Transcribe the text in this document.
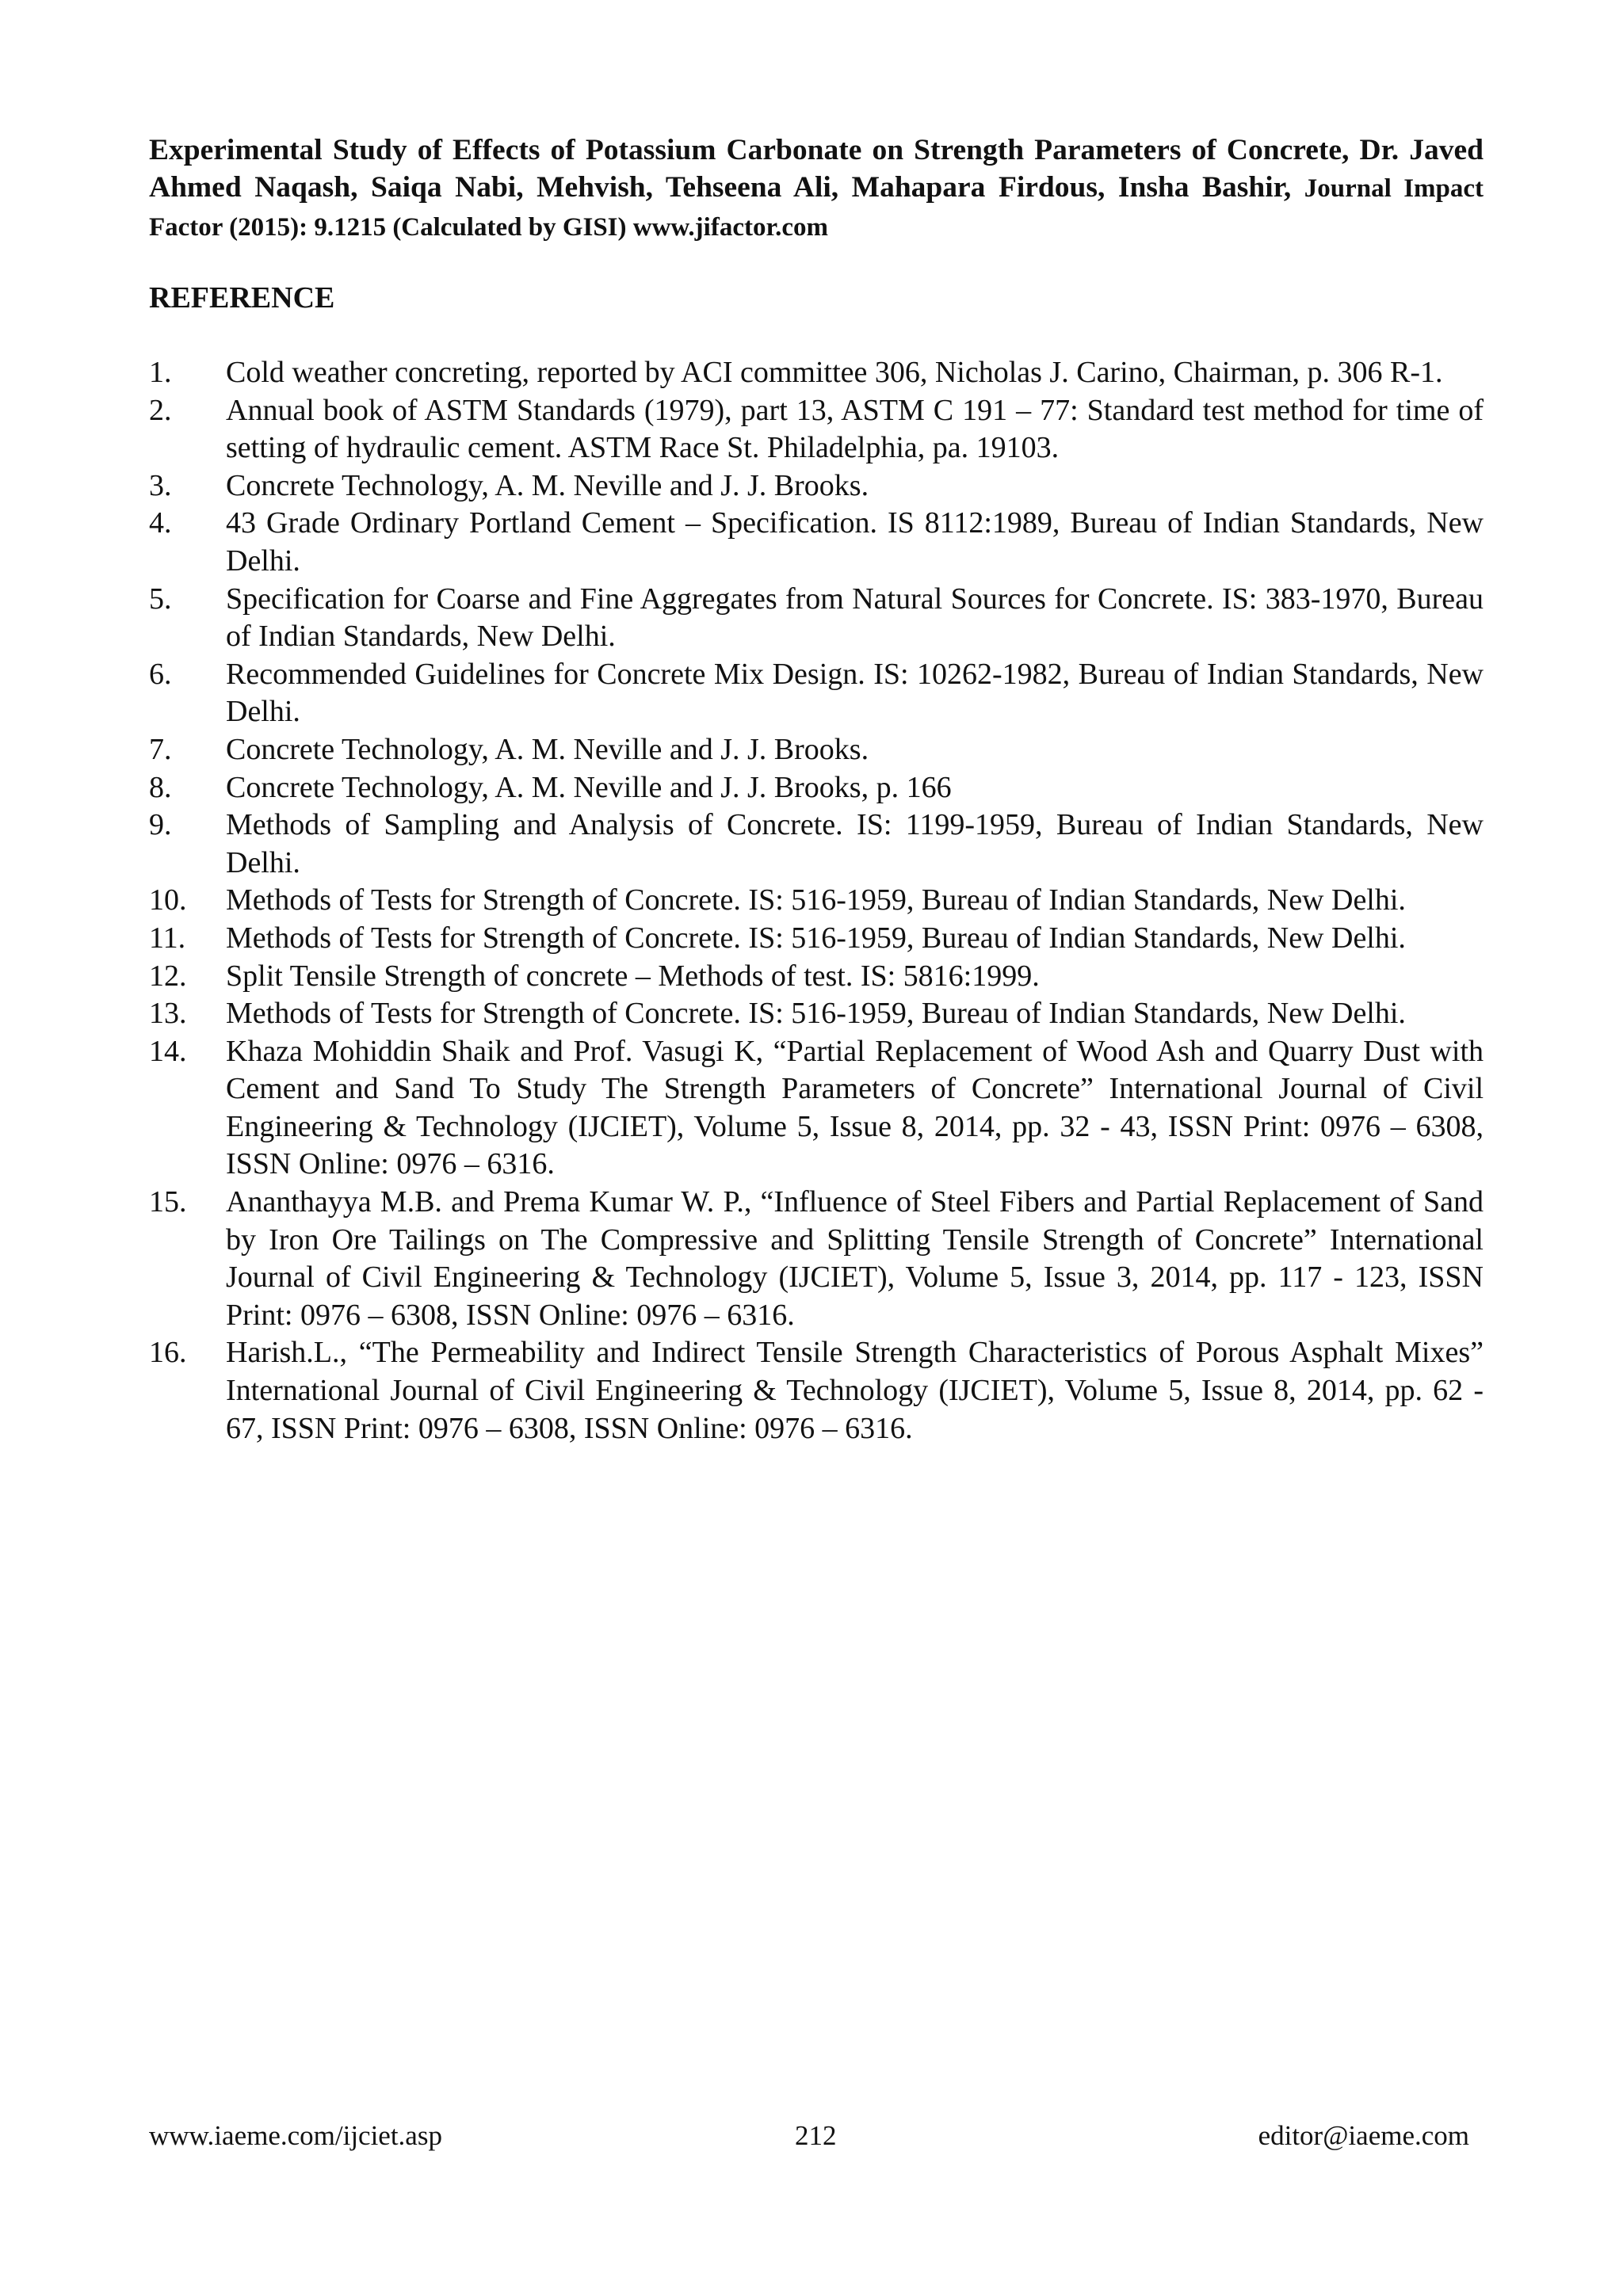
Experimental Study of Effects of Potassium Carbonate on Strength Parameters of Concrete, Dr. Javed Ahmed Naqash, Saiqa Nabi, Mehvish, Tehseena Ali, Mahapara Firdous, Insha Bashir, Journal Impact Factor (2015): 9.1215 (Calculated by GISI) www.jifactor.com
REFERENCE
1. Cold weather concreting, reported by ACI committee 306, Nicholas J. Carino, Chairman, p. 306 R-1.
2. Annual book of ASTM Standards (1979), part 13, ASTM C 191 – 77: Standard test method for time of setting of hydraulic cement. ASTM Race St. Philadelphia, pa. 19103.
3. Concrete Technology, A. M. Neville and J. J. Brooks.
4. 43 Grade Ordinary Portland Cement – Specification. IS 8112:1989, Bureau of Indian Standards, New Delhi.
5. Specification for Coarse and Fine Aggregates from Natural Sources for Concrete. IS: 383-1970, Bureau of Indian Standards, New Delhi.
6. Recommended Guidelines for Concrete Mix Design. IS: 10262-1982, Bureau of Indian Standards, New Delhi.
7. Concrete Technology, A. M. Neville and J. J. Brooks.
8. Concrete Technology, A. M. Neville and J. J. Brooks, p. 166
9. Methods of Sampling and Analysis of Concrete. IS: 1199-1959, Bureau of Indian Standards, New Delhi.
10. Methods of Tests for Strength of Concrete. IS: 516-1959, Bureau of Indian Standards, New Delhi.
11. Methods of Tests for Strength of Concrete. IS: 516-1959, Bureau of Indian Standards, New Delhi.
12. Split Tensile Strength of concrete – Methods of test. IS: 5816:1999.
13. Methods of Tests for Strength of Concrete. IS: 516-1959, Bureau of Indian Standards, New Delhi.
14. Khaza Mohiddin Shaik and Prof. Vasugi K, “Partial Replacement of Wood Ash and Quarry Dust with Cement and Sand To Study The Strength Parameters of Concrete” International Journal of Civil Engineering & Technology (IJCIET), Volume 5, Issue 8, 2014, pp. 32 - 43, ISSN Print: 0976 – 6308, ISSN Online: 0976 – 6316.
15. Ananthayya M.B. and Prema Kumar W. P., “Influence of Steel Fibers and Partial Replacement of Sand by Iron Ore Tailings on The Compressive and Splitting Tensile Strength of Concrete” International Journal of Civil Engineering & Technology (IJCIET), Volume 5, Issue 3, 2014, pp. 117 - 123, ISSN Print: 0976 – 6308, ISSN Online: 0976 – 6316.
16. Harish.L., “The Permeability and Indirect Tensile Strength Characteristics of Porous Asphalt Mixes” International Journal of Civil Engineering & Technology (IJCIET), Volume 5, Issue 8, 2014, pp. 62 - 67, ISSN Print: 0976 – 6308, ISSN Online: 0976 – 6316.
www.iaeme.com/ijciet.asp	212	editor@iaeme.com
